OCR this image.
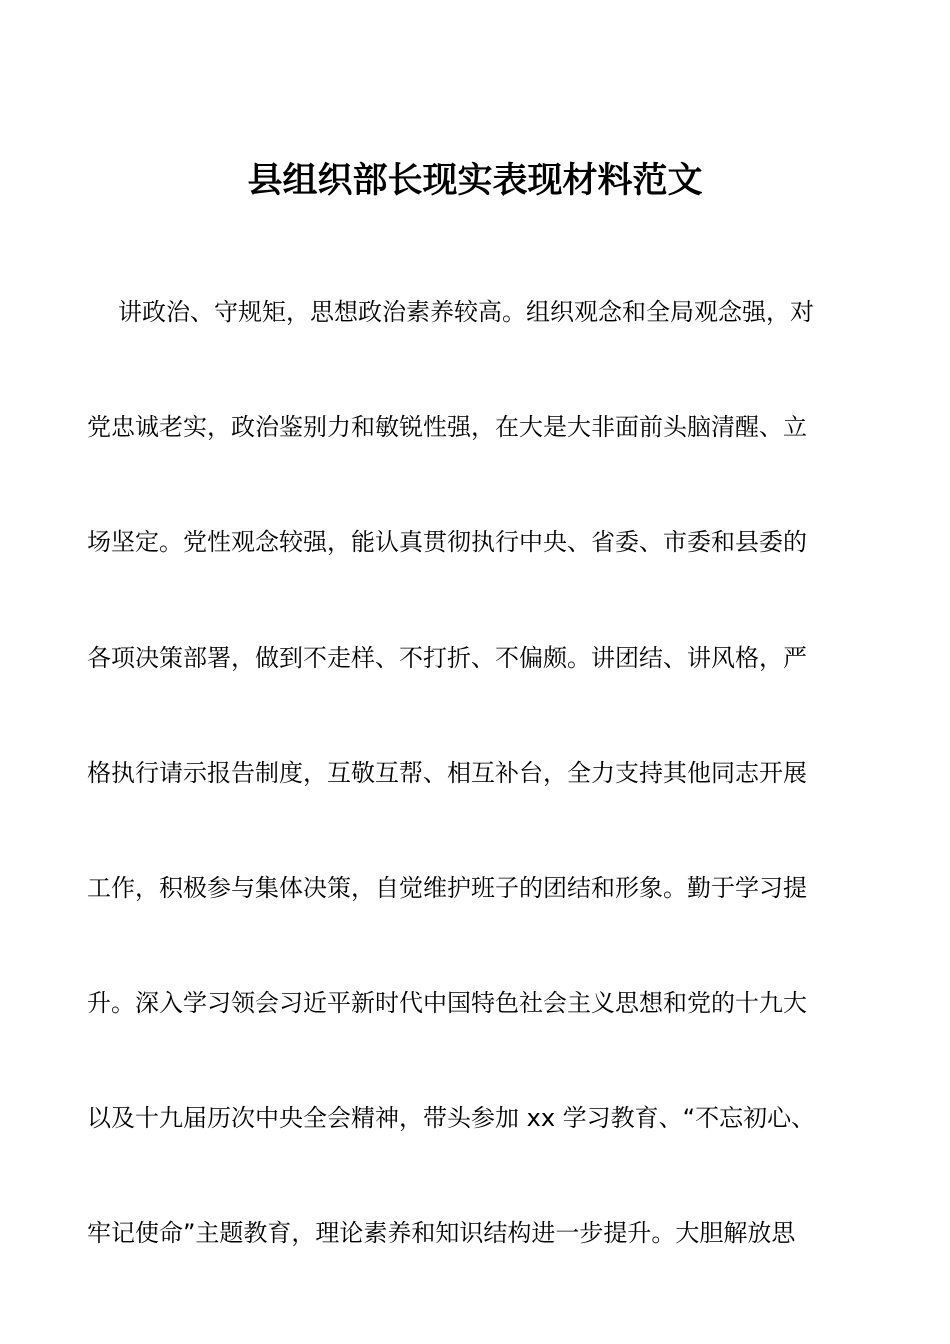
县组织部长现实表现材料范文

讲政治、守规矩，思想政治素养较高。组织观念和全局观念强，对

党忠诚老实，政治鉴别力和敏锐性强，在大是大非面前头脑清醒、立

场坚定。党性观念较强，能认真贯彻执行中央、省委、市委和县委的

各项决策部署，做到不走样、不打折、不偏颇。讲团结、讲风格，严

格执行请示报告制度，互敬互帮、相互补台，全力支持其他同志开展

工作，积极参与集体决策，自觉维护班子的团结和形象。勤于学习提

升。深入学习领会习近平新时代中国特色社会主义思想和党的十九大

以及十九届历次中央全会精神，带头参加 xx 学习教育、“不忘初心、

牢记使命”主题教育，理论素养和知识结构进一步提升。大胆解放思
